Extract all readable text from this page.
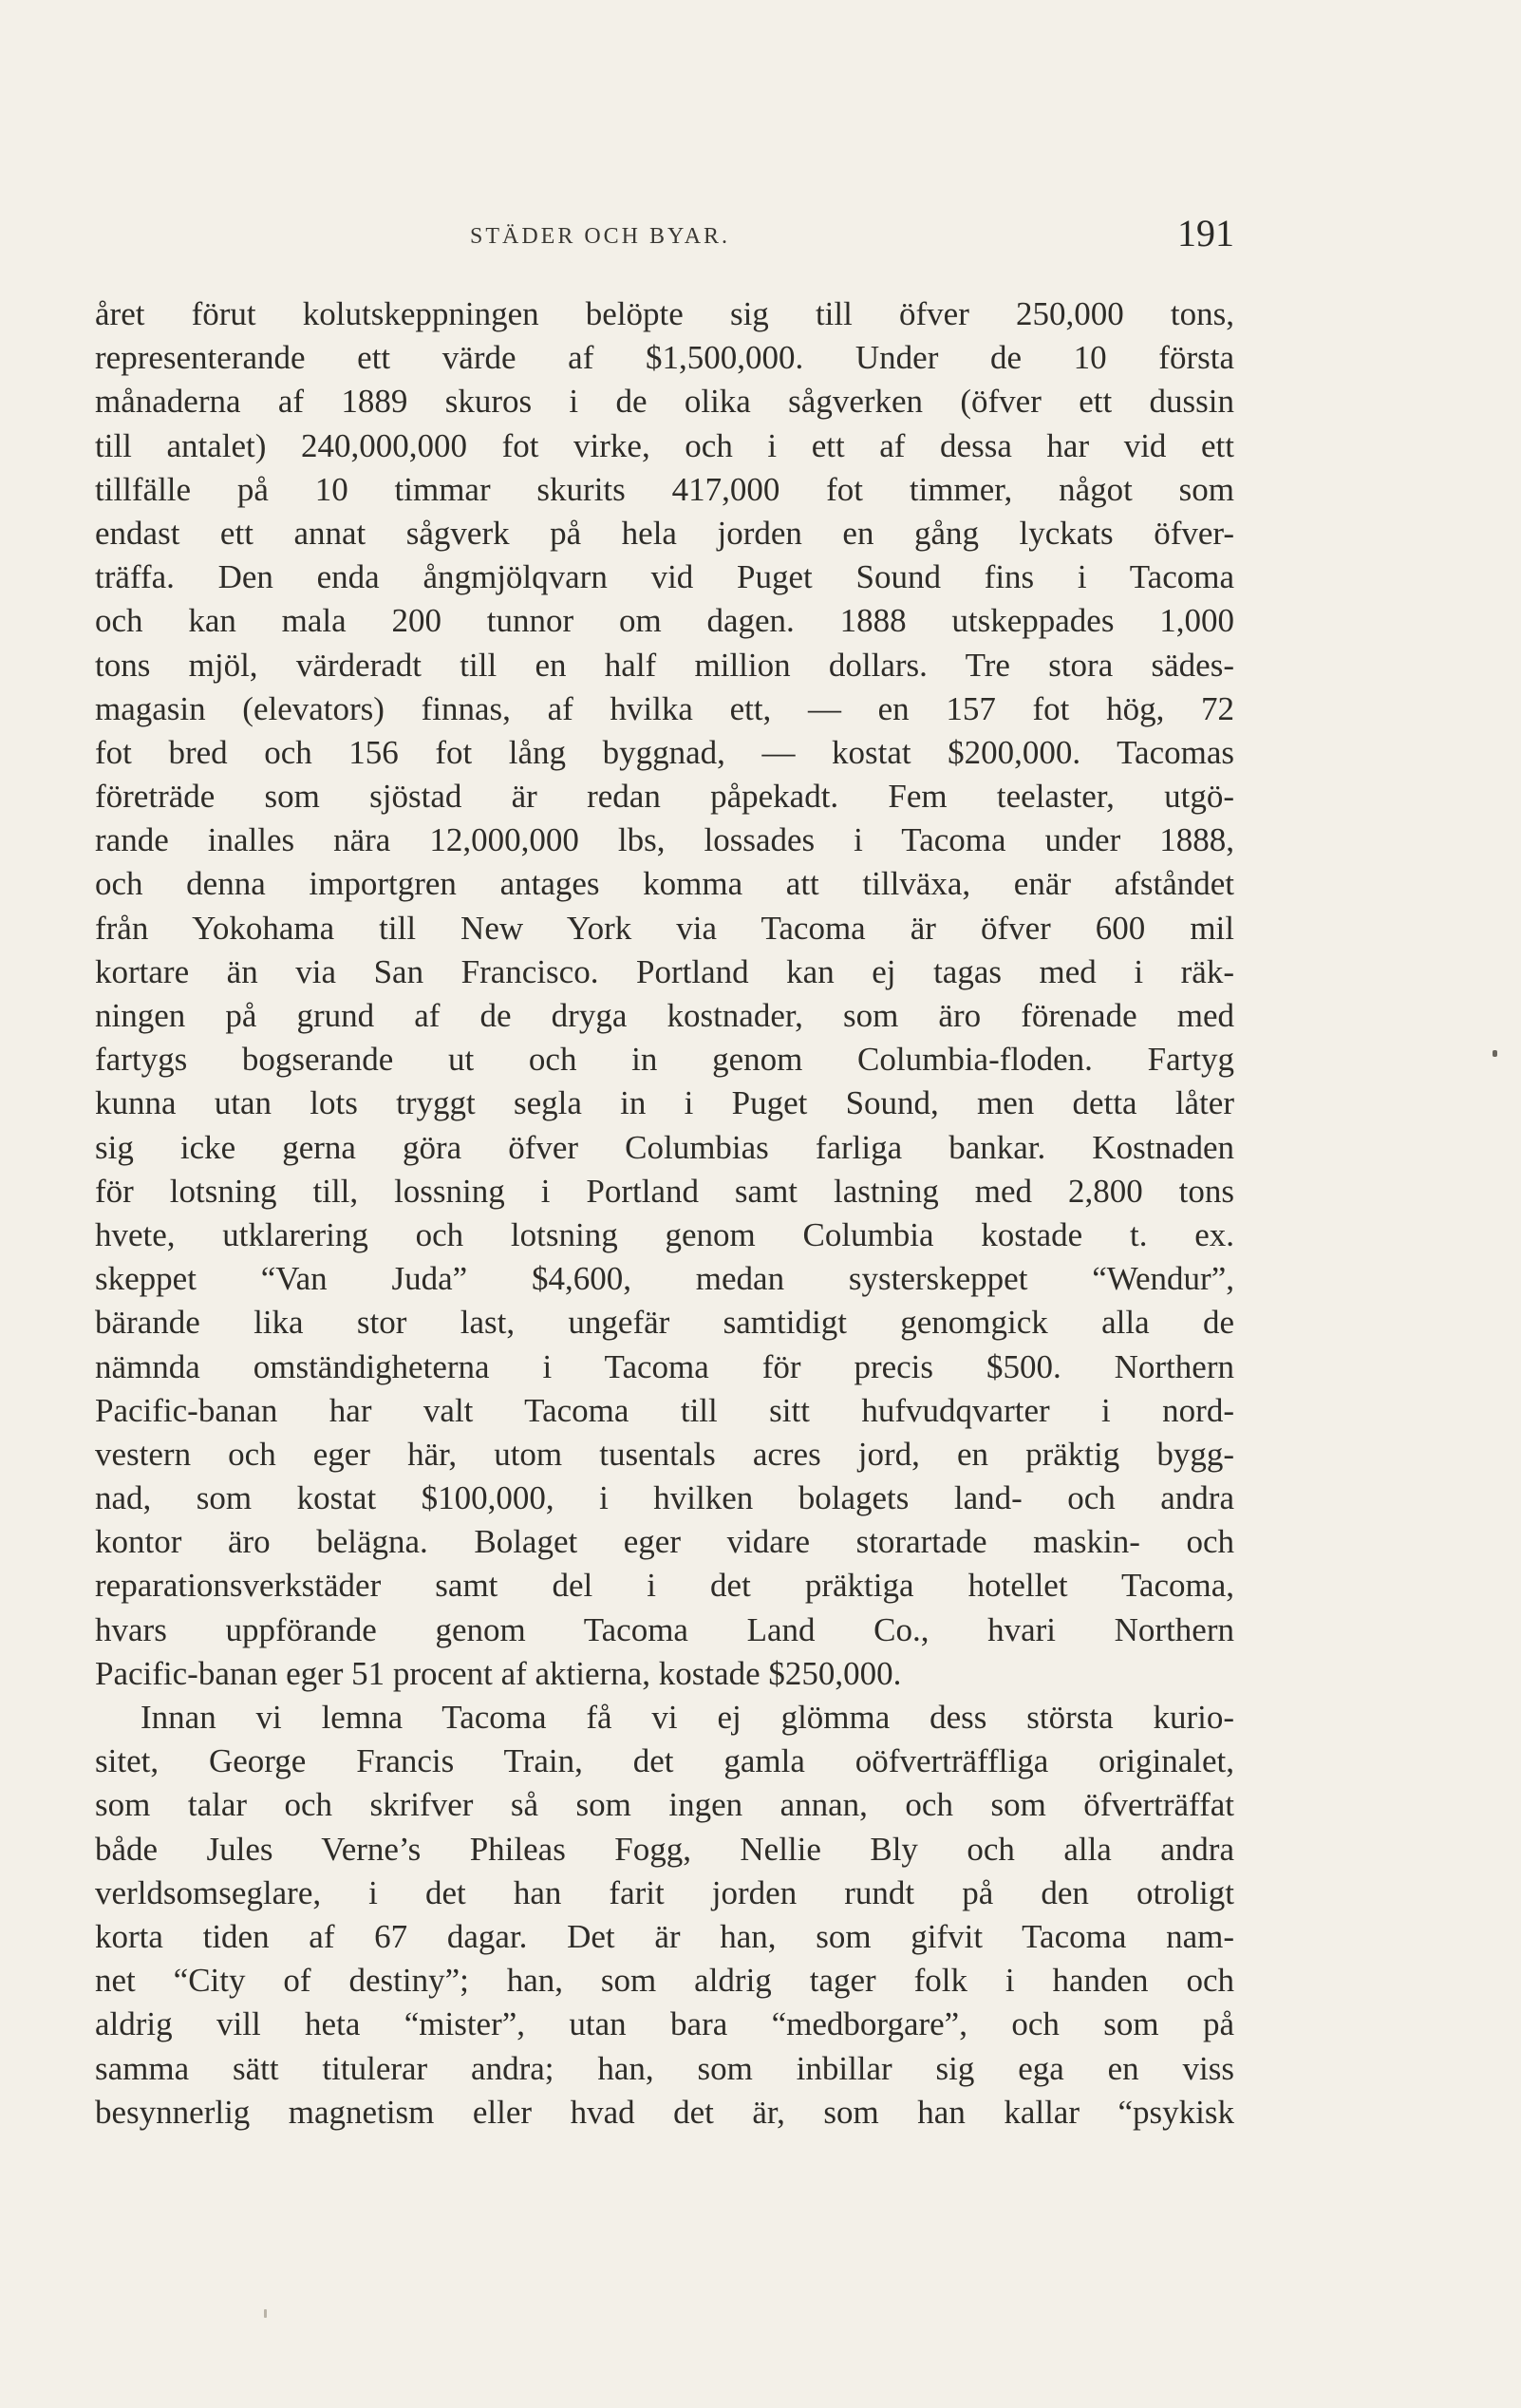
STÄDER OCH BYAR.	191
året förut kolutskeppningen belöpte sig till öfver 250,000 tons,
representerande ett värde af $1,500,000. Under de 10 första
månaderna af 1889 skuros i de olika sågverken (öfver ett dussin
till antalet) 240,000,000 fot virke, och i ett af dessa har vid ett
tillfälle på 10 timmar skurits 417,000 fot timmer, något som
endast ett annat sågverk på hela jorden en gång lyckats öfver-
träffa. Den enda ångmjölqvarn vid Puget Sound fins i Tacoma
och kan mala 200 tunnor om dagen. 1888 utskeppades 1,000
tons mjöl, värderadt till en half million dollars. Tre stora sädes-
magasin (elevators) finnas, af hvilka ett, — en 157 fot hög, 72
fot bred och 156 fot lång byggnad, — kostat $200,000. Tacomas
företräde som sjöstad är redan påpekadt. Fem teelaster, utgö-
rande inalles nära 12,000,000 lbs, lossades i Tacoma under 1888,
och denna importgren antages komma att tillväxa, enär afståndet
från Yokohama till New York via Tacoma är öfver 600 mil
kortare än via San Francisco. Portland kan ej tagas med i räk-
ningen på grund af de dryga kostnader, som äro förenade med
fartygs bogserande ut och in genom Columbia-floden. Fartyg
kunna utan lots tryggt segla in i Puget Sound, men detta låter
sig icke gerna göra öfver Columbias farliga bankar. Kostnaden
för lotsning till, lossning i Portland samt lastning med 2,800 tons
hvete, utklarering och lotsning genom Columbia kostade t. ex.
skeppet “Van Juda” $4,600, medan systerskeppet “Wendur”,
bärande lika stor last, ungefär samtidigt genomgick alla de
nämnda omständigheterna i Tacoma för precis $500. Northern
Pacific-banan har valt Tacoma till sitt hufvudqvarter i nord-
vestern och eger här, utom tusentals acres jord, en präktig bygg-
nad, som kostat $100,000, i hvilken bolagets land- och andra
kontor äro belägna. Bolaget eger vidare storartade maskin- och
reparationsverkstäder samt del i det präktiga hotellet Tacoma,
hvars uppförande genom Tacoma Land Co., hvari Northern
Pacific-banan eger 51 procent af aktierna, kostade $250,000.
Innan vi lemna Tacoma få vi ej glömma dess största kurio-
sitet, George Francis Train, det gamla oöfverträffliga originalet,
som talar och skrifver så som ingen annan, och som öfverträffat
både Jules Verne’s Phileas Fogg, Nellie Bly och alla andra
verldsomseglare, i det han farit jorden rundt på den otroligt
korta tiden af 67 dagar. Det är han, som gifvit Tacoma nam-
net “City of destiny”; han, som aldrig tager folk i handen och
aldrig vill heta “mister”, utan bara “medborgare”, och som på
samma sätt titulerar andra; han, som inbillar sig ega en viss
besynnerlig magnetism eller hvad det är, som han kallar “psykisk
